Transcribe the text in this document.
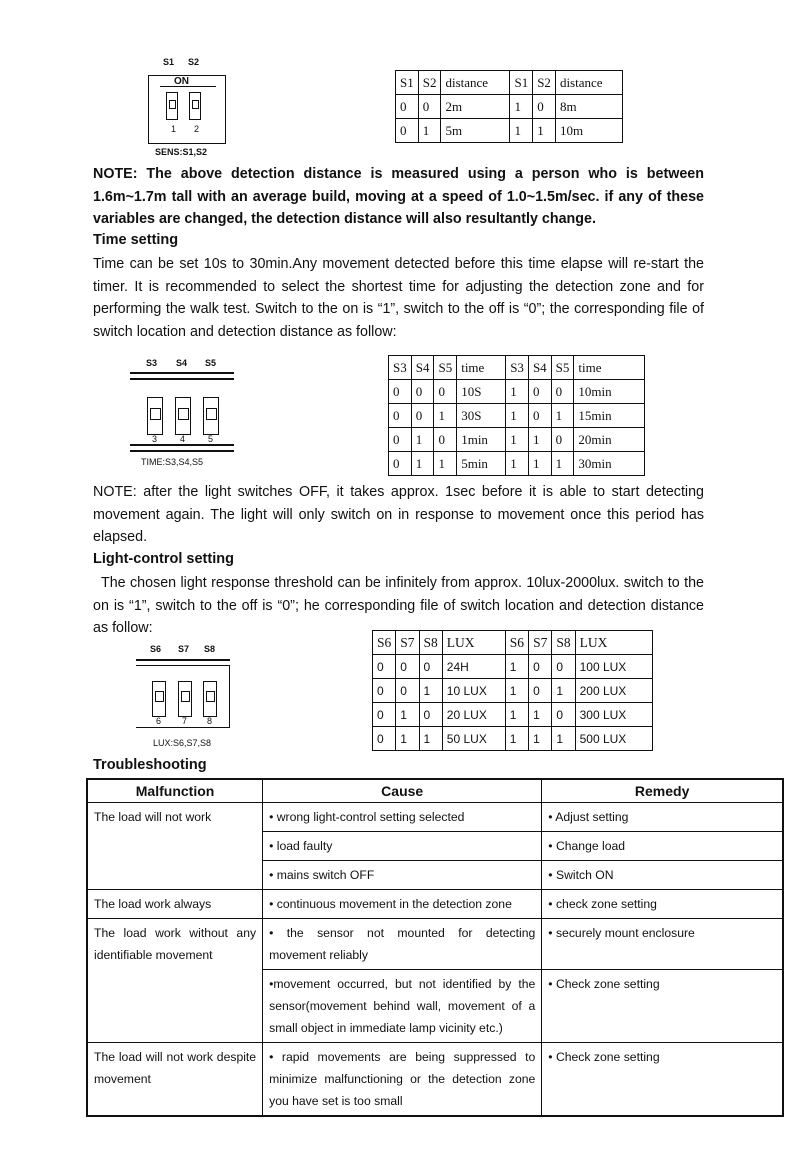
S1 S2
ON
1 2
SENS:S1,S2
S1	S2	distance	S1	S2	distance
0	0	2m	1	0	8m
0	1	5m	1	1	10m
NOTE: The above detection distance is measured using a person who is between 1.6m~1.7m tall with an average build, moving at a speed of 1.0~1.5m/sec. if any of these variables are changed, the detection distance will also resultantly change.
Time setting
Time can be set 10s to 30min.Any movement detected before this time elapse will re-start the timer. It is recommended to select the shortest time for adjusting the detection zone and for performing the walk test. Switch to the on is “1”, switch to the off is “0”; the corresponding file of switch location and detection distance as follow:
S3 S4 S5
3	4	5
TIME:S3,S4,S5
S3	S4	S5	time	S3	S4	S5	time
0	0	0	10S	1	0	0	10min
0	0	1	30S	1	0	1	15min
0	1	0	1min	1	1	0	20min
0	1	1	5min	1	1	1	30min
NOTE: after the light switches OFF, it takes approx. 1sec before it is able to start detecting movement again. The light will only switch on in response to movement once this period has elapsed.
Light-control setting
The chosen light response threshold can be infinitely from approx. 10lux-2000lux. switch to the on is “1”, switch to the off is “0”; he corresponding file of switch location and detection distance as follow:
S6 S7 S8
6 7 8
LUX:S6,S7,S8
S6	S7	S8	LUX	S6	S7	S8	LUX
0	0	0	24H	1	0	0	100 LUX
0	0	1	10 LUX	1	0	1	200 LUX
0	1	0	20 LUX	1	1	0	300 LUX
0	1	1	50 LUX	1	1	1	500 LUX
Troubleshooting
Malfunction	Cause	Remedy
The load will not work	• wrong light-control setting selected	• Adjust setting
	• load faulty	• Change load
	• mains switch OFF	• Switch ON
The load work always	• continuous movement in the detection zone	• check zone setting
The load work without any identifiable movement	• the sensor not mounted for detecting movement reliably	• securely mount enclosure
	•movement occurred, but not identified by the sensor(movement behind wall, movement of a small object in immediate lamp vicinity etc.)	• Check zone setting
The load will not work despite movement	• rapid movements are being suppressed to minimize malfunctioning or the detection zone you have set is too small	• Check zone setting
